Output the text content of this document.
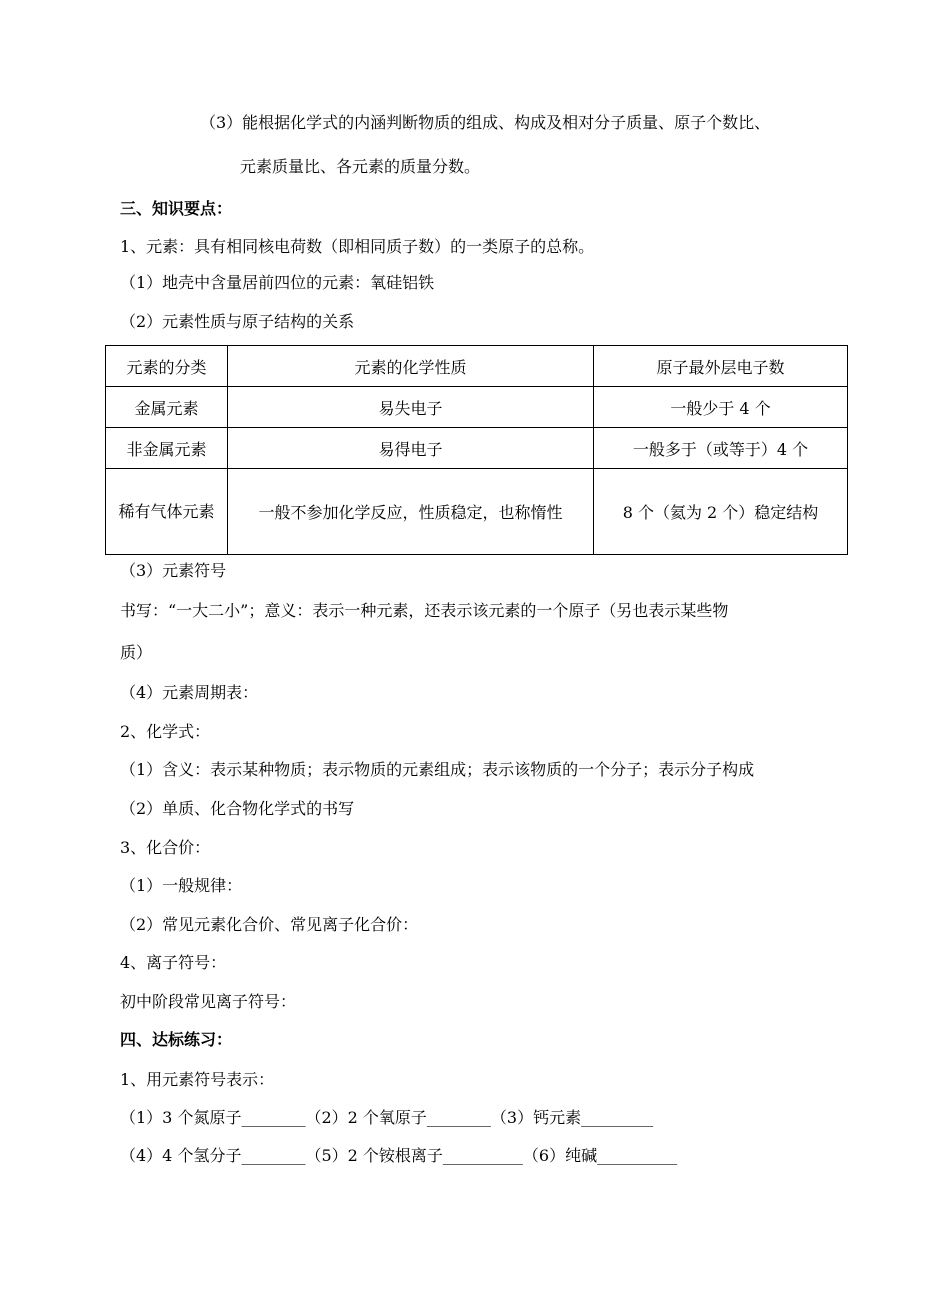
（3）能根据化学式的内涵判断物质的组成、构成及相对分子质量、原子个数比、
元素质量比、各元素的质量分数。
三、知识要点：
1、元素：具有相同核电荷数（即相同质子数）的一类原子的总称。
（1）地壳中含量居前四位的元素：氧硅铝铁
（2）元素性质与原子结构的关系
元素的分类	元素的化学性质	原子最外层电子数
金属元素	易失电子	一般少于 4 个
非金属元素	易得电子	一般多于（或等于）4 个
稀有气体元素	一般不参加化学反应，性质稳定，也称惰性	8 个（氦为 2 个）稳定结构
（3）元素符号
书写：“一大二小”；意义：表示一种元素，还表示该元素的一个原子（另也表示某些物
质）
（4）元素周期表：
2、化学式：
（1）含义：表示某种物质；表示物质的元素组成；表示该物质的一个分子；表示分子构成
（2）单质、化合物化学式的书写
3、化合价：
（1）一般规律：
（2）常见元素化合价、常见离子化合价：
4、离子符号：
初中阶段常见离子符号：
四、达标练习：
1、用元素符号表示：
（1）3 个氮原子________（2）2 个氧原子________（3）钙元素_________
（4）4 个氢分子________（5）2 个铵根离子__________（6）纯碱__________
